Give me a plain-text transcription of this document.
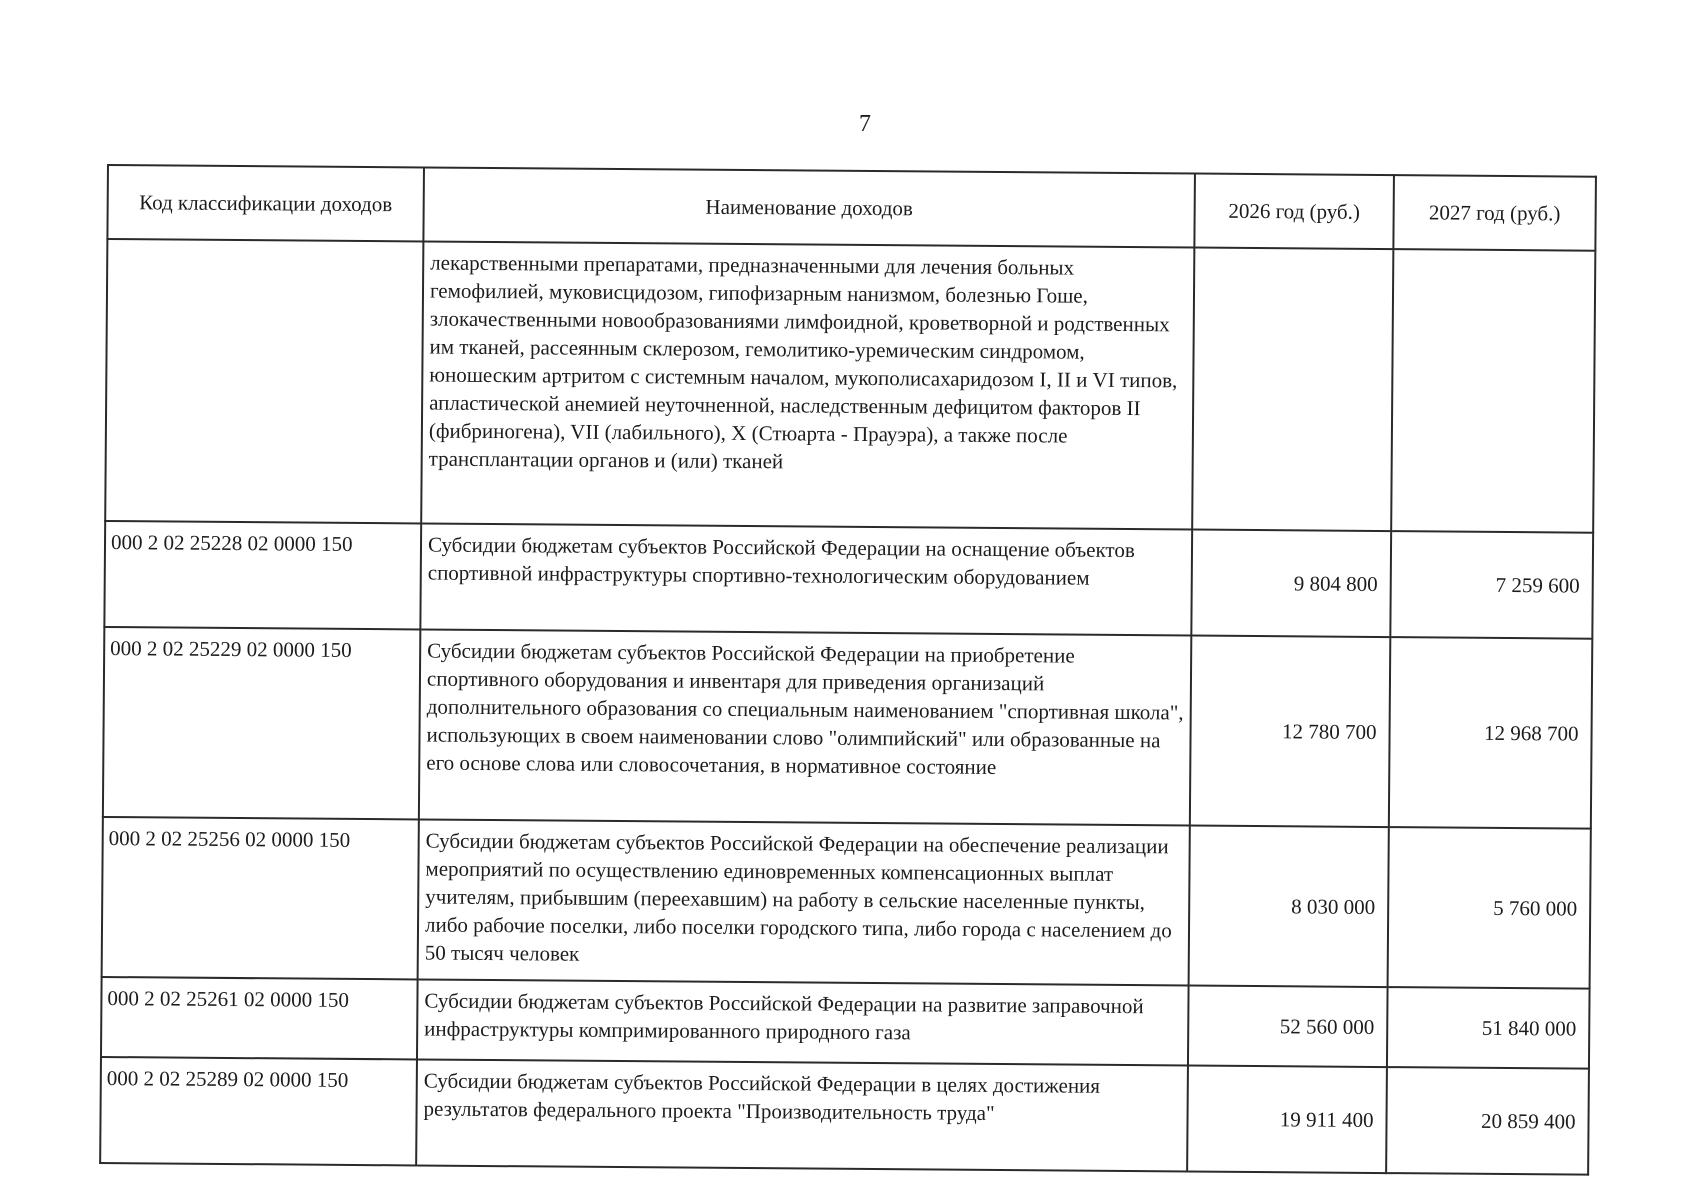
7
Код классификации доходов	Наименование доходов	2026 год (руб.)	2027 год (руб.)
	лекарственными препаратами, предназначенными для лечения больных гемофилией, муковисцидозом, гипофизарным нанизмом, болезнью Гоше, злокачественными новообразованиями лимфоидной, кроветворной и родственных им тканей, рассеянным склерозом, гемолитико-уремическим синдромом, юношеским артритом с системным началом, мукополисахаридозом I, II и VI типов, апластической анемией неуточненной, наследственным дефицитом факторов II (фибриногена), VII (лабильного), X (Стюарта - Прауэра), а также после трансплантации органов и (или) тканей		
000 2 02 25228 02 0000 150	Субсидии бюджетам субъектов Российской Федерации на оснащение объектов спортивной инфраструктуры спортивно-технологическим оборудованием	9 804 800	7 259 600
000 2 02 25229 02 0000 150	Субсидии бюджетам субъектов Российской Федерации на приобретение спортивного оборудования и инвентаря для приведения организаций дополнительного образования со специальным наименованием "спортивная школа", использующих в своем наименовании слово "олимпийский" или образованные на его основе слова или словосочетания, в нормативное состояние	12 780 700	12 968 700
000 2 02 25256 02 0000 150	Субсидии бюджетам субъектов Российской Федерации на обеспечение реализации мероприятий по осуществлению единовременных компенсационных выплат учителям, прибывшим (переехавшим) на работу в сельские населенные пункты, либо рабочие поселки, либо поселки городского типа, либо города с населением до 50 тысяч человек	8 030 000	5 760 000
000 2 02 25261 02 0000 150	Субсидии бюджетам субъектов Российской Федерации на развитие заправочной инфраструктуры компримированного природного газа	52 560 000	51 840 000
000 2 02 25289 02 0000 150	Субсидии бюджетам субъектов Российской Федерации в целях достижения результатов федерального проекта "Производительность труда"	19 911 400	20 859 400
